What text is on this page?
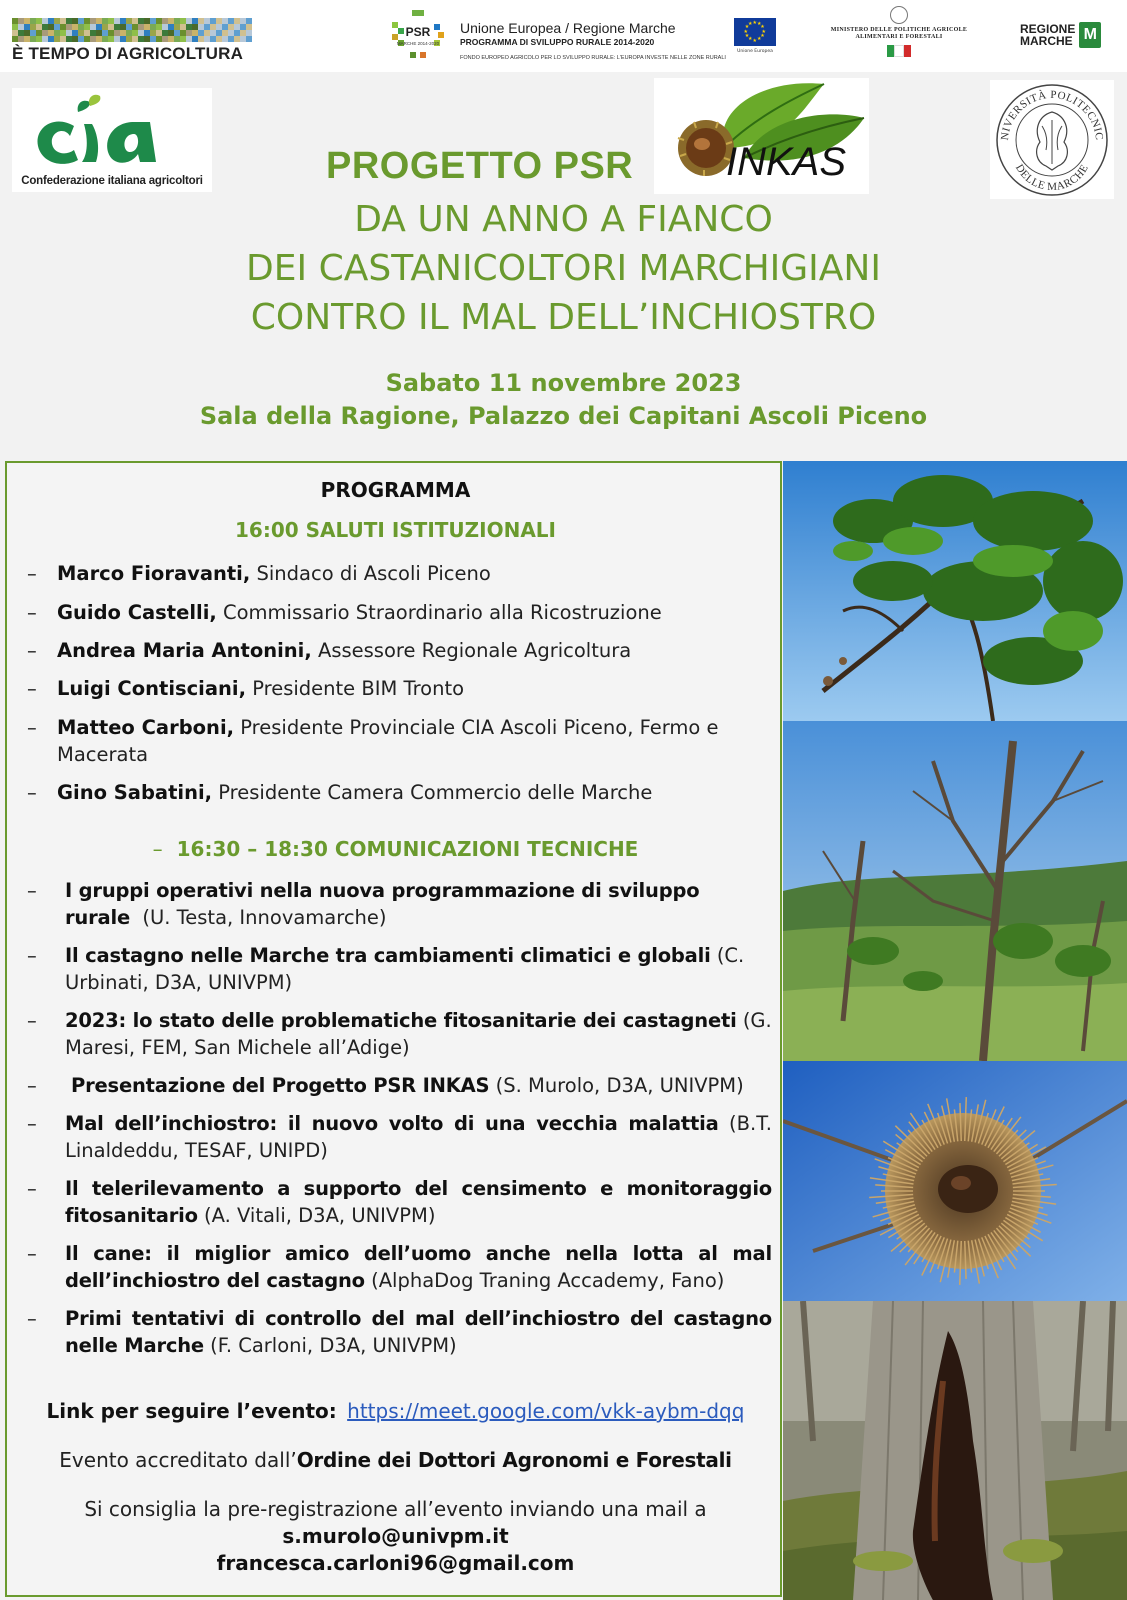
È TEMPO DI AGRICOLTURA
PSR
MARCHE 2014-2020
Unione Europea / Regione Marche
PROGRAMMA DI SVILUPPO RURALE 2014-2020
FONDO EUROPEO AGRICOLO PER LO SVILUPPO RURALE: L'EUROPA INVESTE NELLE ZONE RURALI
★
★
★
★
★
★
★
★
★ ★ ★
★
Unione Europea
MINISTERO DELLE POLITICHE AGRICOLE ALIMENTARI E FORESTALI
REGIONE
MARCHE M
Confederazione italiana agricoltori	INKAS
NIVERSITÀ POLITECNIC
DELLE MARCHE
PROGETTO PSR
DA UN ANNO A FIANCO
DEI CASTANICOLTORI MARCHIGIANI
CONTRO IL MAL DELL’INCHIOSTRO
Sabato 11 novembre 2023
Sala della Ragione, Palazzo dei Capitani Ascoli Piceno
PROGRAMMA
16:00 SALUTI ISTITUZIONALI
– Marco Fioravanti, Sindaco di Ascoli Piceno
– Guido Castelli, Commissario Straordinario alla Ricostruzione
– Andrea Maria Antonini, Assessore Regionale Agricoltura
– Luigi Contisciani, Presidente BIM Tronto
– Matteo Carboni, Presidente Provinciale CIA Ascoli Piceno, Fermo e Macerata
– Gino Sabatini, Presidente Camera Commercio delle Marche
– 16:30 – 18:30 COMUNICAZIONI TECNICHE
– I gruppi operativi nella nuova programmazione di sviluppo rurale (U. Testa, Innovamarche)
– Il castagno nelle Marche tra cambiamenti climatici e globali (C. Urbinati, D3A, UNIVPM)
– 2023: lo stato delle problematiche fitosanitarie dei castagneti (G. Maresi, FEM, San Michele all’Adige)
– Presentazione del Progetto PSR INKAS (S. Murolo, D3A, UNIVPM)
– Mal dell’inchiostro: il nuovo volto di una vecchia malattia (B.T. Linaldeddu, TESAF, UNIPD)
– Il telerilevamento a supporto del censimento e monitoraggio fitosanitario (A. Vitali, D3A, UNIVPM)
– Il cane: il miglior amico dell’uomo anche nella lotta al mal dell’inchiostro del castagno (AlphaDog Traning Accademy, Fano)
– Primi tentativi di controllo del mal dell’inchiostro del castagno nelle Marche (F. Carloni, D3A, UNIVPM)
Link per seguire l’evento: https://meet.google.com/vkk-aybm-dqq
Evento accreditato dall’Ordine dei Dottori Agronomi e Forestali
Si consiglia la pre-registrazione all’evento inviando una mail a
s.murolo@univpm.it
francesca.carloni96@gmail.com
